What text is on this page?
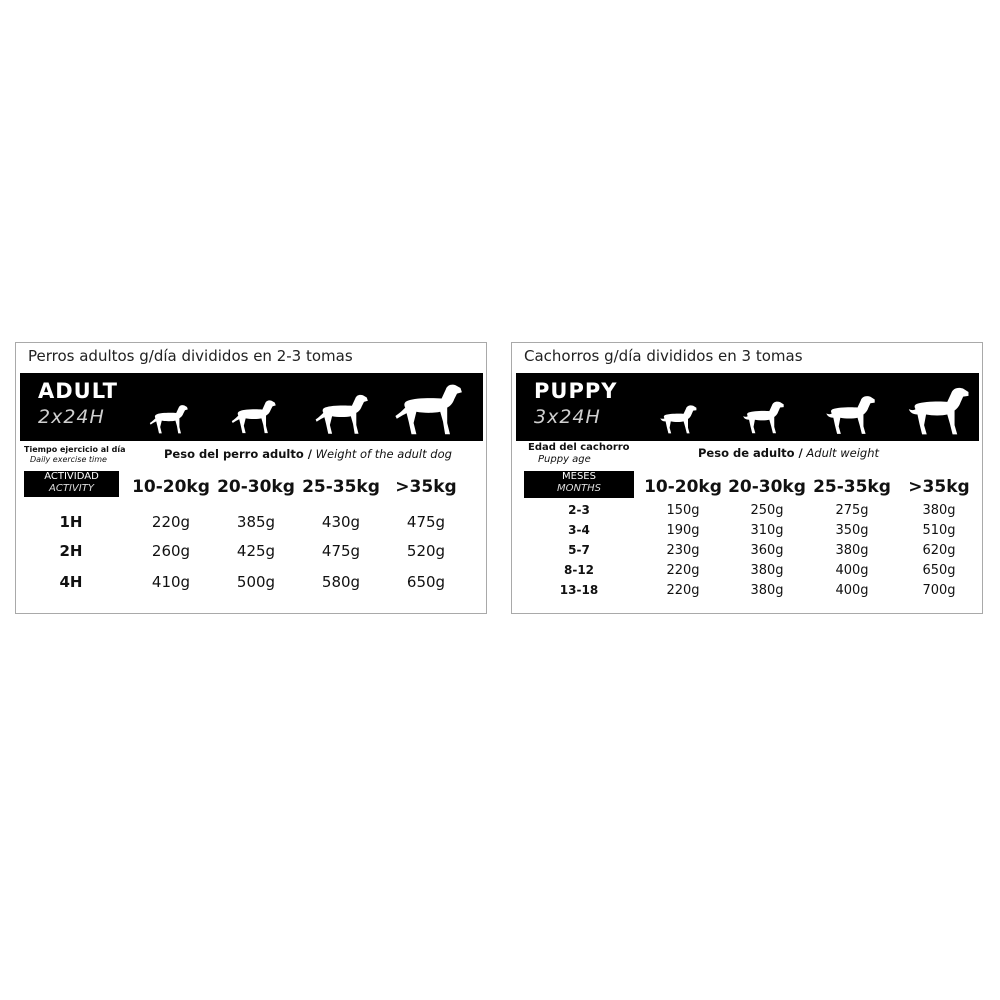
Perros adultos g/día divididos en 2-3 tomas
ADULT
2x24H
Tiempo ejercicio al día
Daily exercise time	Peso del perro adulto / Weight of the adult dog
ACTIVIDAD
ACTIVITY	10-20kg 20-30kg 25-35kg >35kg
1H	220g	385g	430g	475g
2H	260g	425g	475g	520g
4H	410g	500g	580g	650g
Cachorros g/día divididos en 3 tomas
PUPPY
3x24H
Edad del cachorro
Puppy age	Peso de adulto / Adult weight
MESES
MONTHS	10-20kg 20-30kg 25-35kg	>35kg
2-3	150g	250g	275g	380g
3-4	190g	310g	350g	510g
5-7	230g	360g	380g	620g
8-12	220g	380g	400g	650g
13-18	220g	380g	400g	700g
